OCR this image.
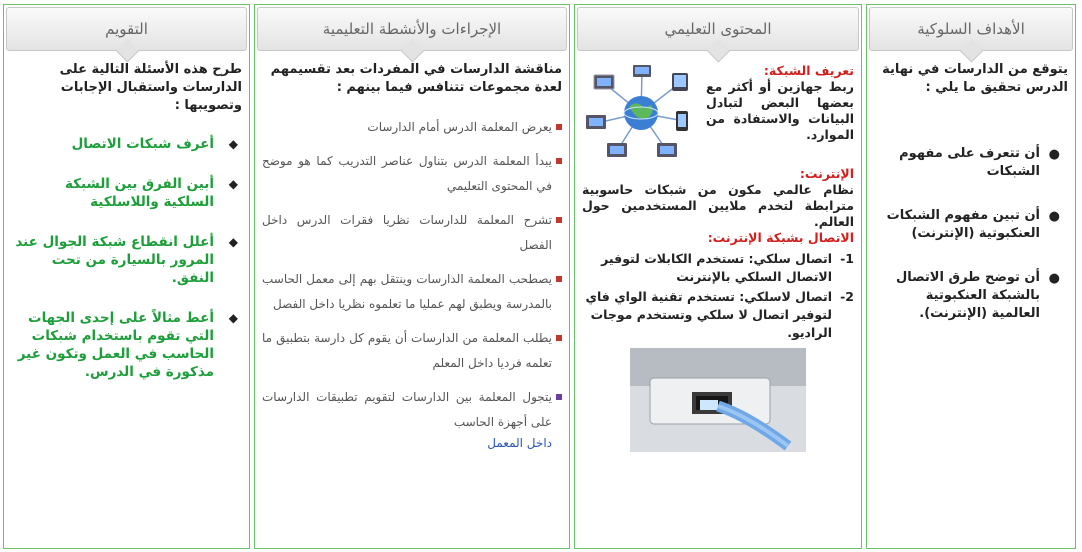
التقويم
طرح هذه الأسئلة التالية على الدارسات واستقبال الإجابات وتصويبها :
◆
أعرف شبكات الاتصال
◆
أبين الفرق بين الشبكة السلكية واللاسلكية
◆
أعلل انقطاع شبكة الجوال عند المرور بالسيارة من تحت النفق.
◆
أعط مثالاً على إحدى الجهات التي تقوم باستخدام شبكات الحاسب في العمل وتكون غير مذكورة في الدرس.
الإجراءات والأنشطة التعليمية
مناقشة الدارسات في المفردات بعد تقسيمهم لعدة مجموعات تتنافس فيما بينهم :
يعرض المعلمة الدرس أمام الدارسات
يبدأ المعلمة الدرس بتناول عناصر التدريب كما هو موضح في المحتوى التعليمي
تشرح المعلمة للدارسات نظريا فقرات الدرس داخل الفصل
يصطحب المعلمة الدارسات وينتقل بهم إلى معمل الحاسب بالمدرسة ويطبق لهم عمليا ما تعلموه نظريا داخل الفصل
يطلب المعلمة من الدارسات أن يقوم كل دارسة بتطبيق ما تعلمه فرديا داخل المعلم
يتجول المعلمة بين الدارسات لتقويم تطبيقات الدارسات على أجهزة الحاسب
داخل المعمل
المحتوى التعليمي
تعريف الشبكة:
ربط جهازين أو أكثر مع بعضها البعض لتبادل البيانات والاستفادة من الموارد.
الإنترنت:
نظام عالمي مكون من شبكات حاسوبية مترابطة لتخدم ملايين المستخدمين حول العالم.
الاتصال بشبكة الإنترنت:
1-
اتصال سلكي: تستخدم الكابلات لتوفير الاتصال السلكي بالإنترنت
2-
اتصال لاسلكي: تستخدم تقنية الواي فاي لتوفير اتصال لا سلكي وتستخدم موجات الراديو.
الأهداف السلوكية
يتوقع من الدارسات في نهاية الدرس تحقيق ما يلي :
●
أن تتعرف على مفهوم الشبكات
●
أن تبين مفهوم الشبكات العنكبوتية (الإنترنت)
●
أن توضح طرق الاتصال بالشبكة العنكبوتية العالمية (الإنترنت).
